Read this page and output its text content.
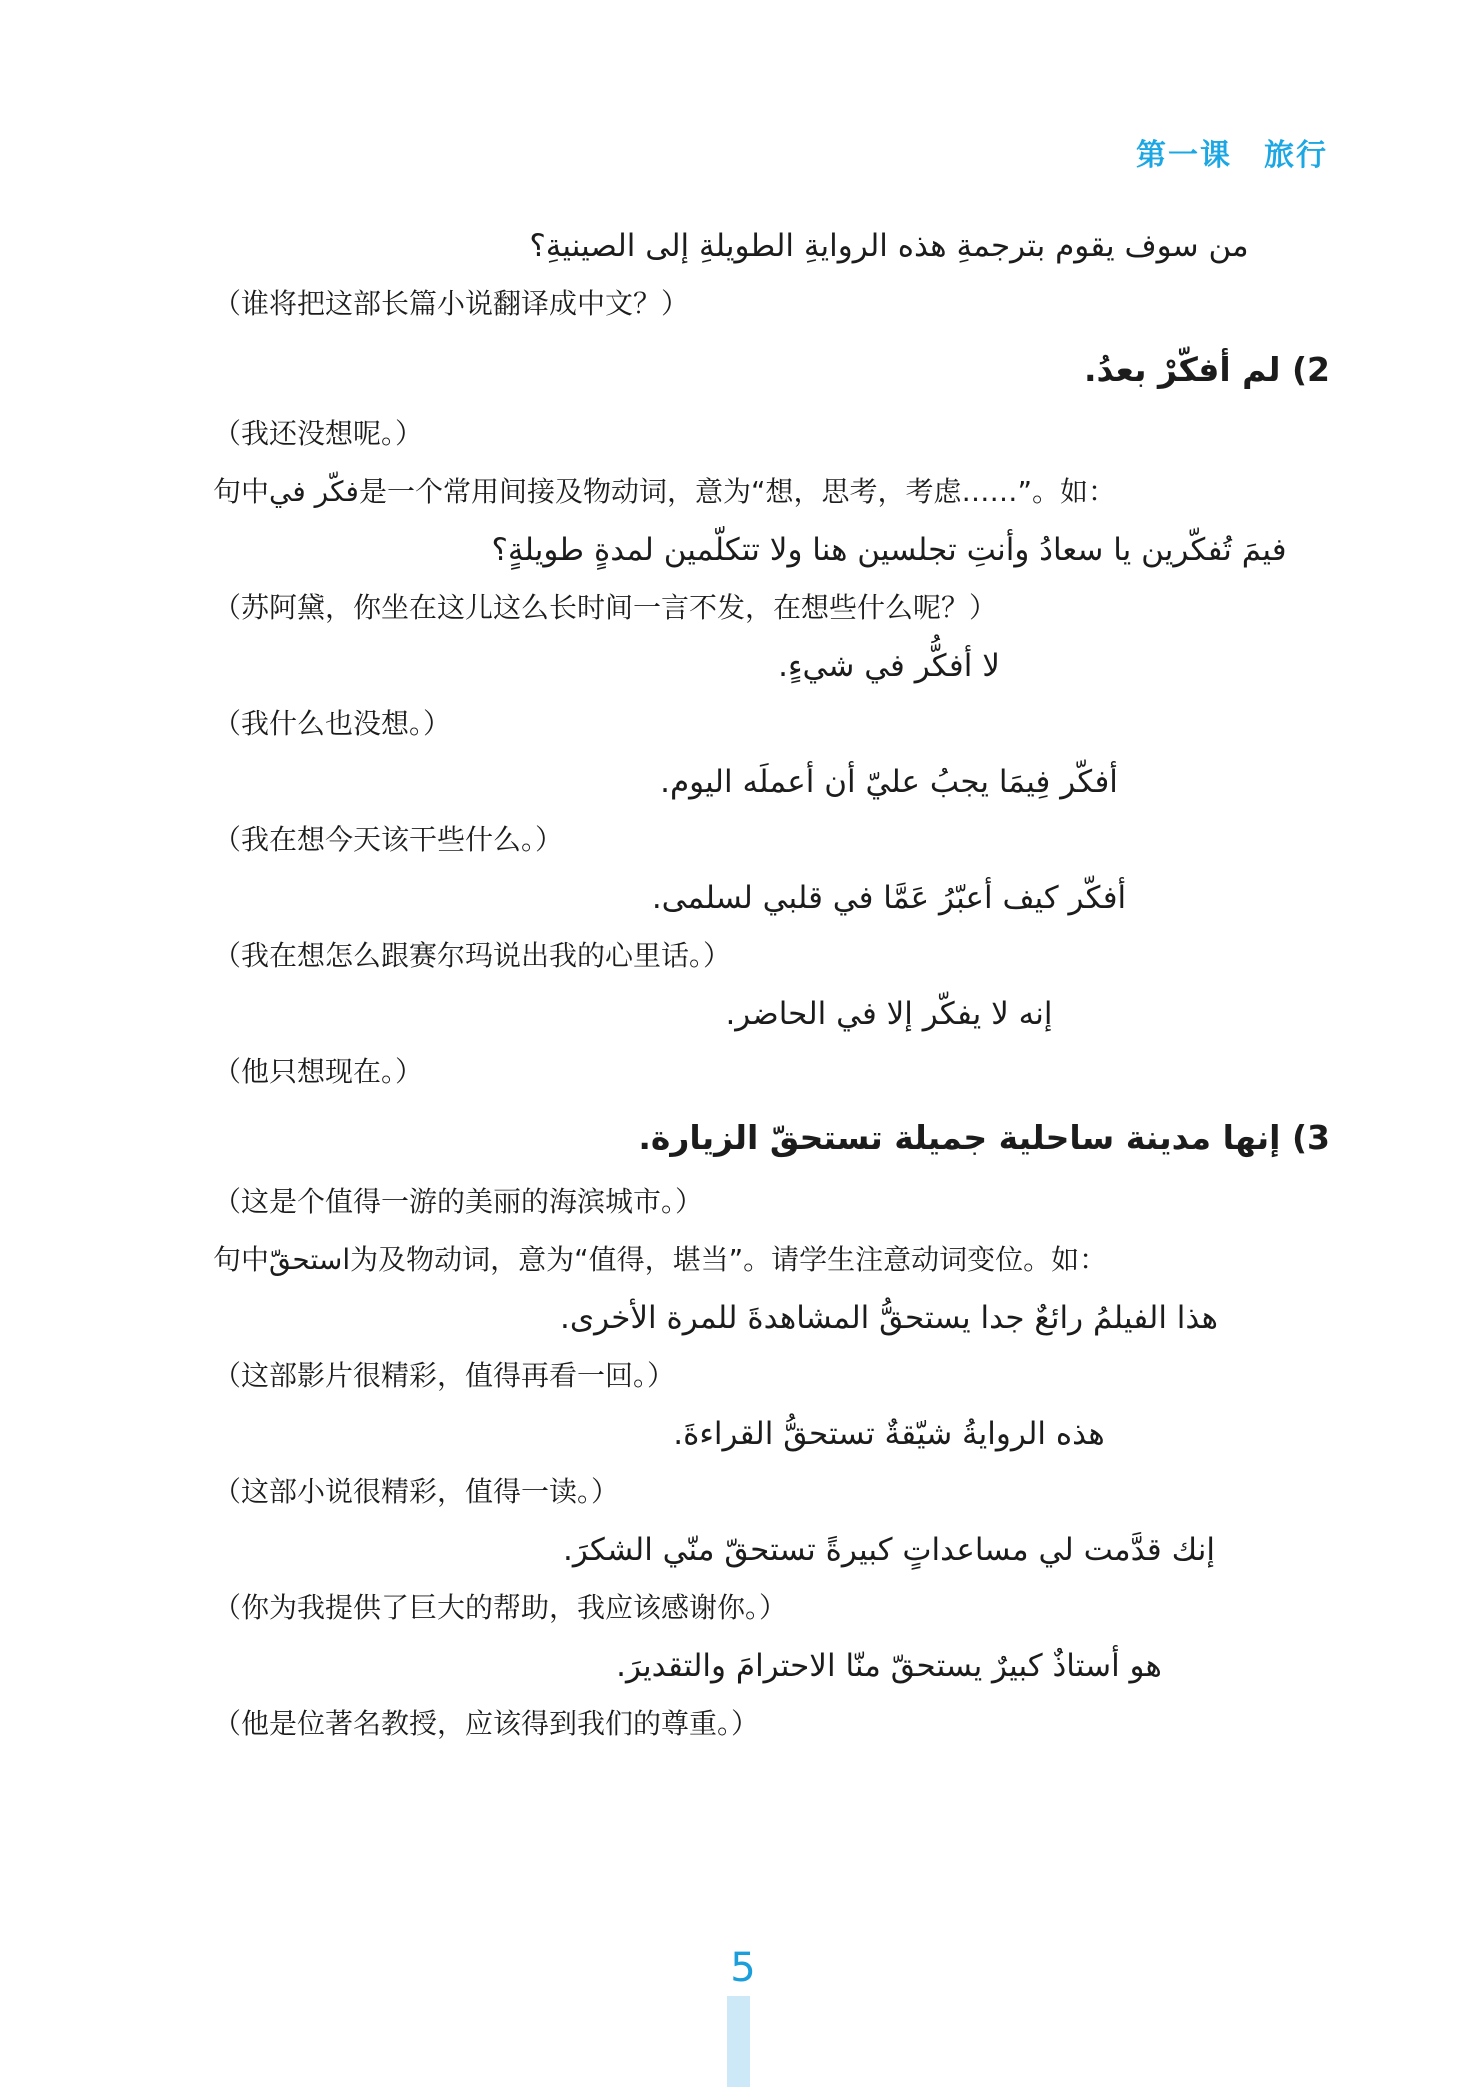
第一课　旅行
من سوف يقوم بترجمةِ هذه الروايةِ الطويلةِ إلى الصينيةِ؟
（谁将把这部长篇小说翻译成中文？）
2) لم أفكّرْ بعدُ.
（我还没想呢。）
句中فكّر في是一个常用间接及物动词，意为“想，思考，考虑……”。如：
فيمَ تُفكّرين يا سعادُ وأنتِ تجلسين هنا ولا تتكلّمين لمدةٍ طويلةٍ؟
（苏阿黛，你坐在这儿这么长时间一言不发，在想些什么呢？）
لا أفكُّر في شيءٍ.
（我什么也没想。）
أفكّر فِيمَا يجبُ عليّ أن أعملَه اليوم.
（我在想今天该干些什么。）
أفكّر كيف أعبّرُ عَمَّا في قلبي لسلمى.
（我在想怎么跟赛尔玛说出我的心里话。）
إنه لا يفكّر إلا في الحاضر.
（他只想现在。）
3) إنها مدينة ساحلية جميلة تستحقّ الزيارة.
（这是个值得一游的美丽的海滨城市。）
句中استحقّ为及物动词，意为“值得，堪当”。请学生注意动词变位。如：
هذا الفيلمُ رائعٌ جدا يستحقُّ المشاهدةَ للمرة الأخرى.
（这部影片很精彩，值得再看一回。）
هذه الروايةُ شيّقةٌ تستحقُّ القراءةَ.
（这部小说很精彩，值得一读。）
إنك قدَّمت لي مساعداتٍ كبيرةً تستحقّ منّي الشكرَ.
（你为我提供了巨大的帮助，我应该感谢你。）
هو أستاذٌ كبيرٌ يستحقّ منّا الاحترامَ والتقديرَ.
（他是位著名教授，应该得到我们的尊重。）
5
